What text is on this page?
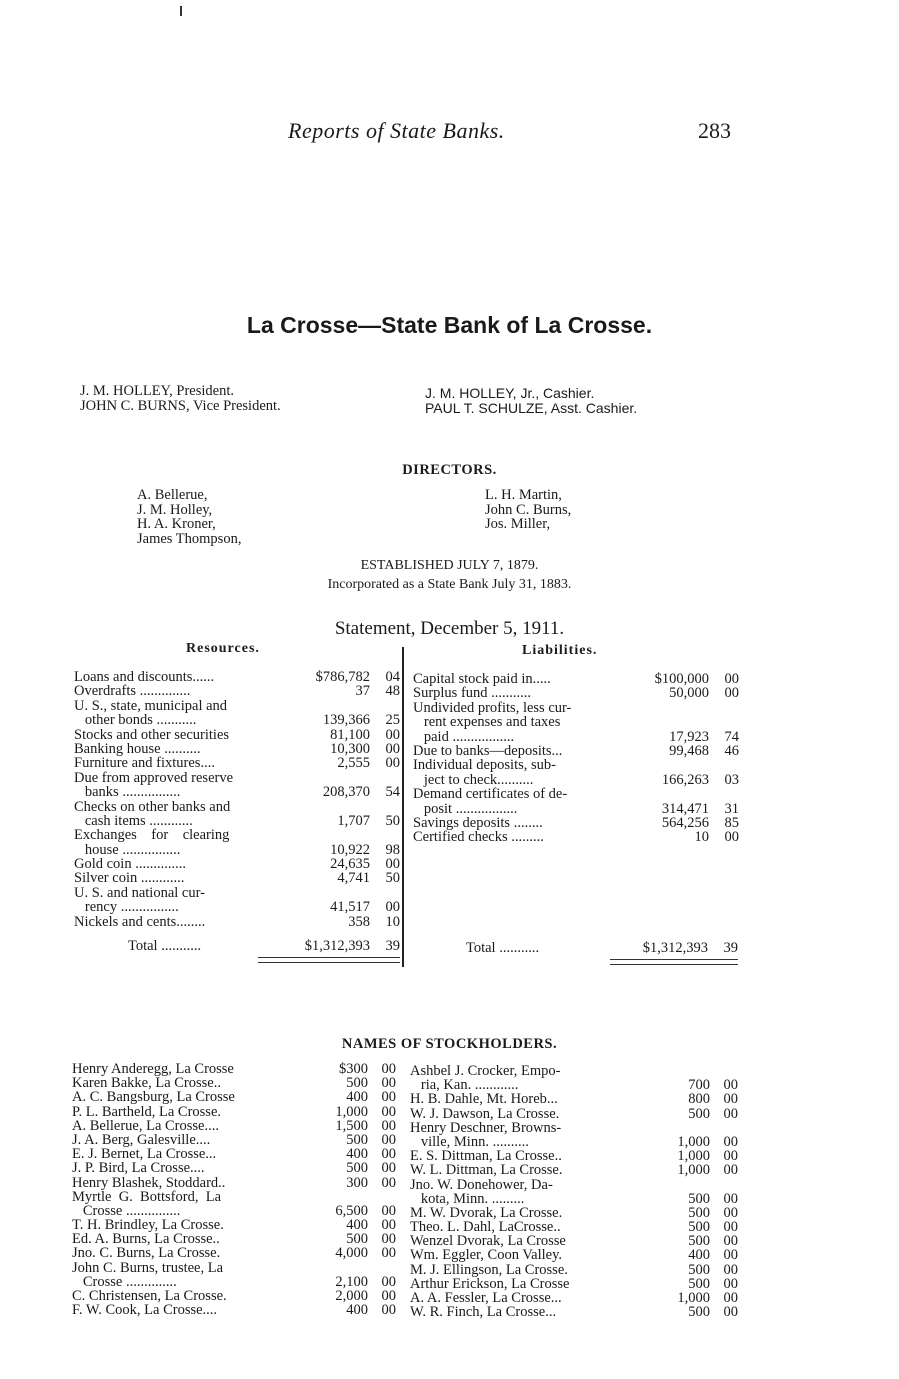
Reports of State Banks.	283
La Crosse—State Bank of La Crosse.
J. M. HOLLEY, President.
JOHN C. BURNS, Vice President.
J. M. HOLLEY, Jr., Cashier.
PAUL T. SCHULZE, Asst. Cashier.
DIRECTORS.
A. Bellerue,
J. M. Holley,
H. A. Kroner,
James Thompson,
L. H. Martin,
John C. Burns,
Jos. Miller,
ESTABLISHED JULY 7, 1879.
Incorporated as a State Bank July 31, 1883.
Statement, December 5, 1911.
Resources.	Liabilities.
Loans and discounts......	$786,782	04
Overdrafts ..............	37	48
U. S., state, municipal and
other bonds ...........	139,366	25
Stocks and other securities	81,100	00
Banking house ..........	10,300	00
Furniture and fixtures....	2,555	00
Due from approved reserve
banks ................	208,370	54
Checks on other banks and
cash items ............	1,707	50
Exchanges    for    clearing
house ................	10,922	98
Gold coin ..............	24,635	00
Silver coin ............	4,741	50
U. S. and national cur-
rency ................	41,517	00
Nickels and cents........	358	10
Capital stock paid in.....	$100,000	00
Surplus fund ...........	50,000	00
Undivided profits, less cur-
rent expenses and taxes
paid .................	17,923	74
Due to banks—deposits...	99,468	46
Individual deposits, sub-
ject to check..........	166,263	03
Demand certificates of de-
posit .................	314,471	31
Savings deposits ........	564,256	85
Certified checks .........	10	00
Total ...........	$1,312,393	39	Total ...........	$1,312,393	39
NAMES OF STOCKHOLDERS.
Henry Anderegg, La Crosse	$300 00
Karen Bakke, La Crosse..	500 00
A. C. Bangsburg, La Crosse	400 00
P. L. Bartheld, La Crosse.	1,000 00
A. Bellerue, La Crosse....	1,500 00
J. A. Berg, Galesville....	500 00
E. J. Bernet, La Crosse...	400 00
J. P. Bird, La Crosse....	500 00
Henry Blashek, Stoddard..	300 00
Myrtle  G.  Bottsford,  La
Crosse ...............	6,500 00
T. H. Brindley, La Crosse.	400 00
Ed. A. Burns, La Crosse..	500 00
Jno. C. Burns, La Crosse.	4,000 00
John C. Burns, trustee, La
Crosse ..............	2,100 00
C. Christensen, La Crosse.	2,000 00
F. W. Cook, La Crosse....	400 00
Ashbel J. Crocker, Empo-
ria, Kan. ............	700 00
H. B. Dahle, Mt. Horeb...	800 00
W. J. Dawson, La Crosse.	500 00
Henry Deschner, Browns-
ville, Minn. ..........	1,000 00
E. S. Dittman, La Crosse..	1,000 00
W. L. Dittman, La Crosse.	1,000 00
Jno. W. Donehower, Da-
kota, Minn. .........	500 00
M. W. Dvorak, La Crosse.	500 00
Theo. L. Dahl, LaCrosse..	500 00
Wenzel Dvorak, La Crosse	500 00
Wm. Eggler, Coon Valley.	400 00
M. J. Ellingson, La Crosse.	500 00
Arthur Erickson, La Crosse	500 00
A. A. Fessler, La Crosse...	1,000 00
W. R. Finch, La Crosse...	500 00
